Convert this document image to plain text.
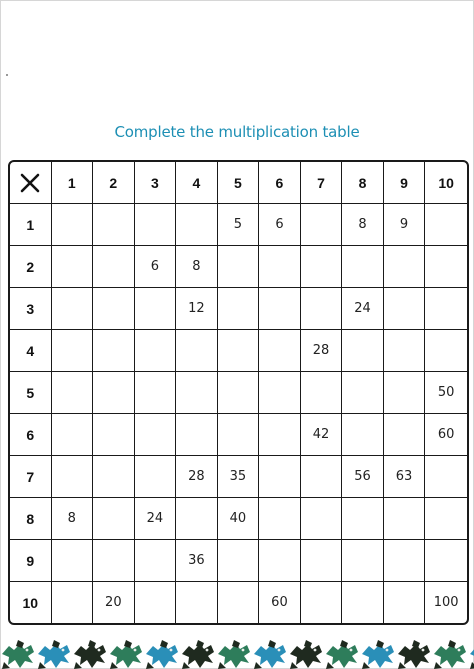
Complete the multiplication table
	1	2	3	4	5	6	7	8	9	10
1					5	6		8	9	
2			6	8						
3				12				24		
4							28			
5										50
6							42			60
7				28	35			56	63	
8	8		24		40					
9				36						
10		20				60				100
